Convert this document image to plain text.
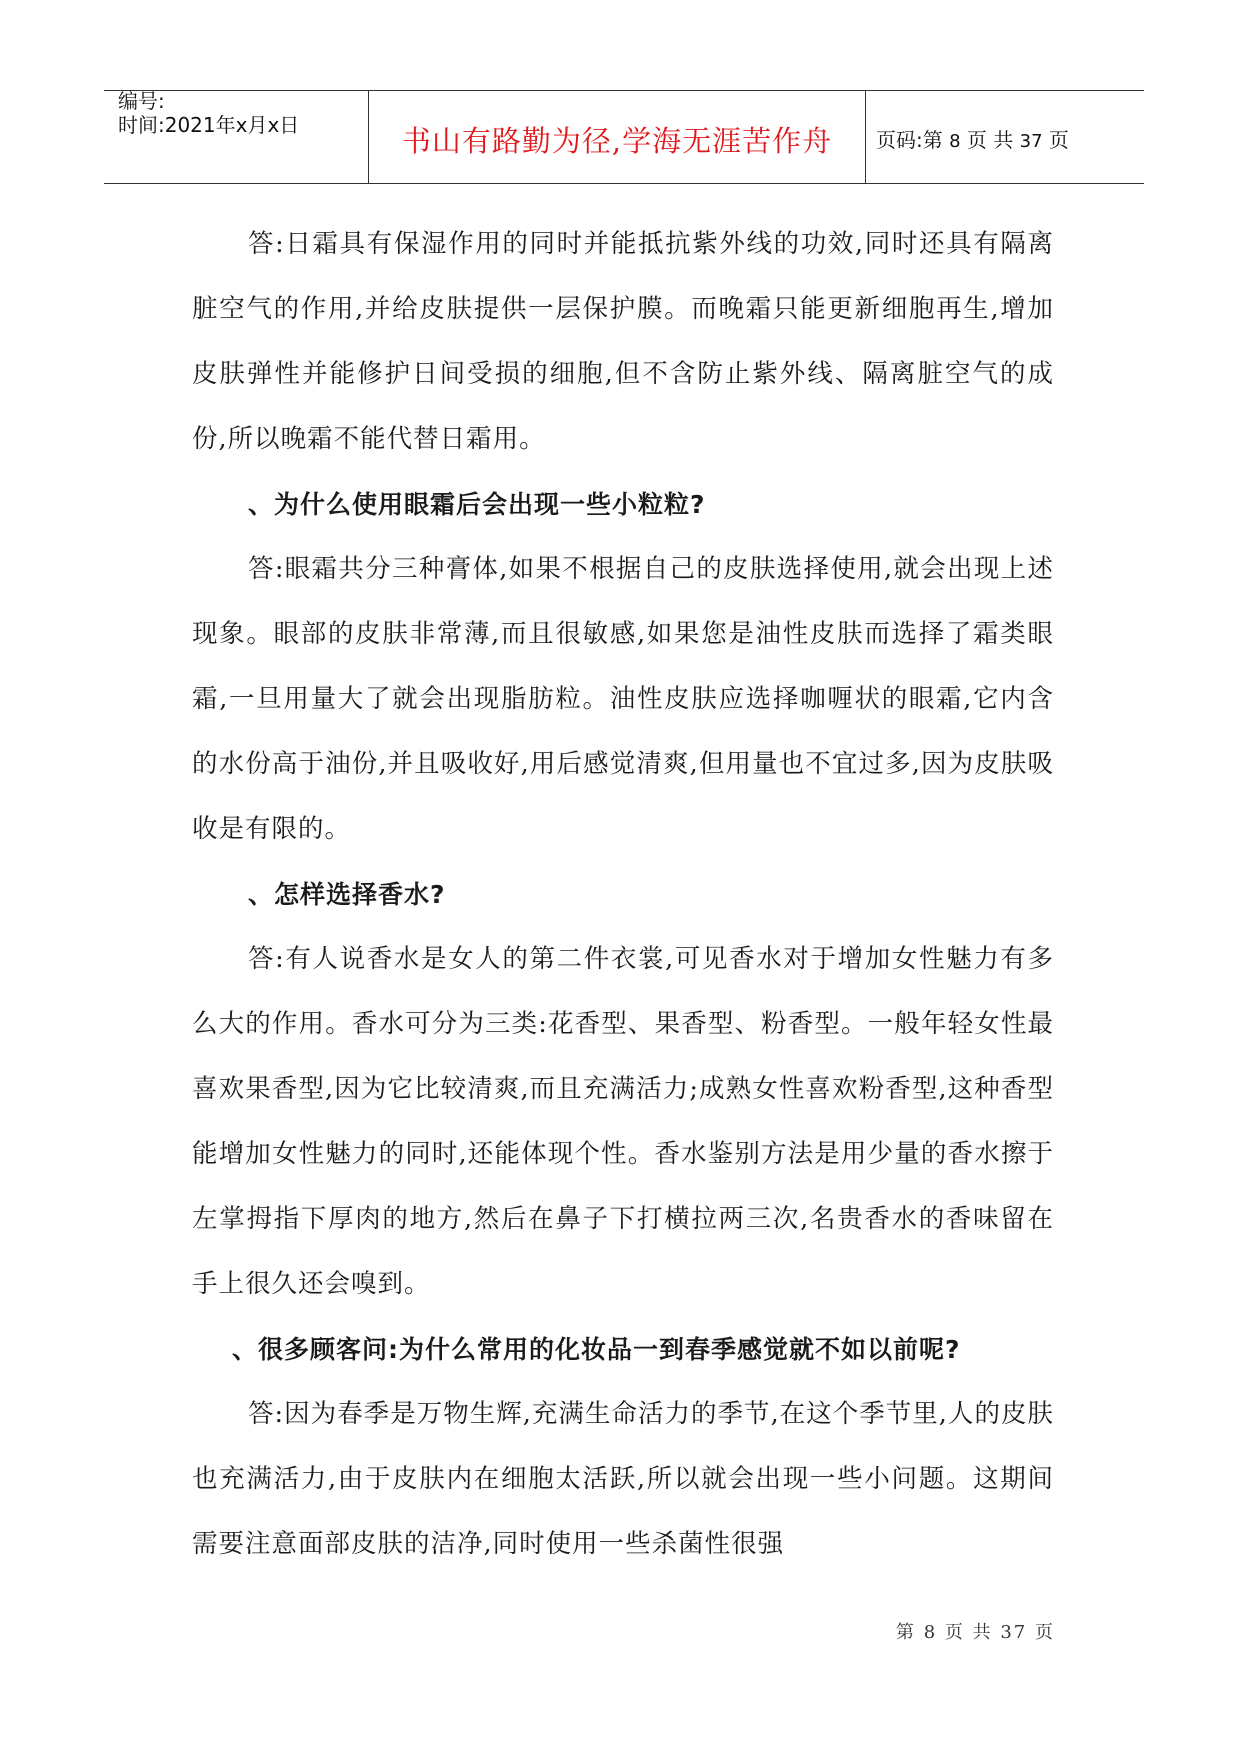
编号:
时间:2021年x月x日	书山有路勤为径,学海无涯苦作舟	页码:第 8 页 共 37 页

答:日霜具有保湿作用的同时并能抵抗紫外线的功效,同时还具有隔离脏空气的作用,并给皮肤提供一层保护膜。而晚霜只能更新细胞再生,增加皮肤弹性并能修护日间受损的细胞,但不含防止紫外线、隔离脏空气的成份,所以晚霜不能代替日霜用。

、为什么使用眼霜后会出现一些小粒粒?

答:眼霜共分三种膏体,如果不根据自己的皮肤选择使用,就会出现上述现象。眼部的皮肤非常薄,而且很敏感,如果您是油性皮肤而选择了霜类眼霜,一旦用量大了就会出现脂肪粒。油性皮肤应选择咖喱状的眼霜,它内含的水份高于油份,并且吸收好,用后感觉清爽,但用量也不宜过多,因为皮肤吸收是有限的。

、怎样选择香水?

答:有人说香水是女人的第二件衣裳,可见香水对于增加女性魅力有多么大的作用。香水可分为三类:花香型、果香型、粉香型。一般年轻女性最喜欢果香型,因为它比较清爽,而且充满活力;成熟女性喜欢粉香型,这种香型能增加女性魅力的同时,还能体现个性。香水鉴别方法是用少量的香水擦于左掌拇指下厚肉的地方,然后在鼻子下打横拉两三次,名贵香水的香味留在手上很久还会嗅到。

、很多顾客问:为什么常用的化妆品一到春季感觉就不如以前呢?

答:因为春季是万物生辉,充满生命活力的季节,在这个季节里,人的皮肤也充满活力,由于皮肤内在细胞太活跃,所以就会出现一些小问题。这期间需要注意面部皮肤的洁净,同时使用一些杀菌性很强

第 8 页 共 37 页
